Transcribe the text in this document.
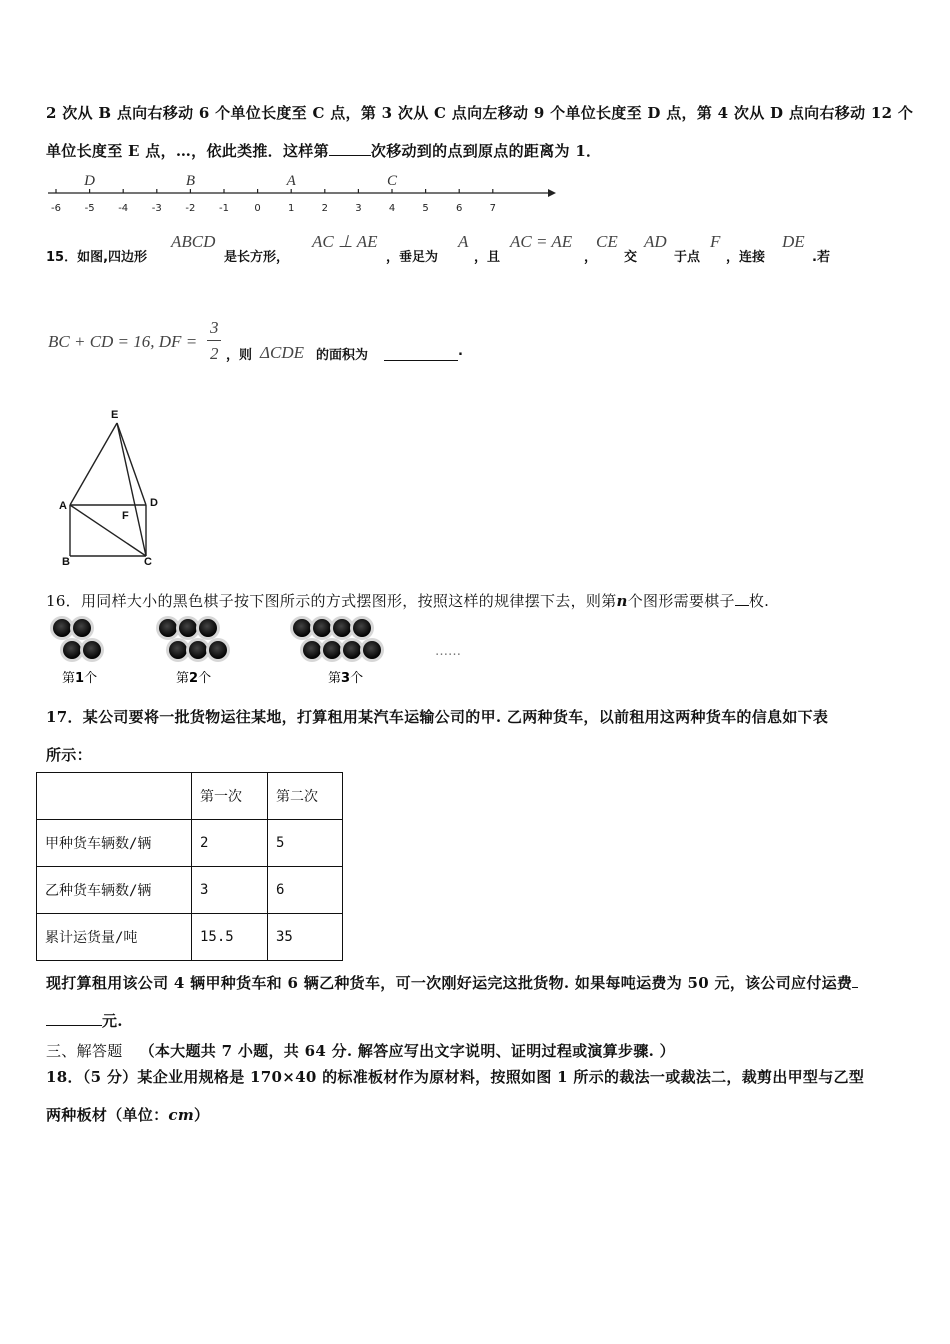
2 次从 B 点向右移动 6 个单位长度至 C 点，第 3 次从 C 点向左移动 9 个单位长度至 D 点，第 4 次从 D 点向右移动 12 个
单位长度至 E 点，…，依此类推．这样第	次移动到的点到原点的距离为 1．
-6 -5 -4 -3 -2 -1	0	1	2	3	4	5	6	7
D	B	A	C
15．如图,四边形
ABCD
是长方形，
AC ⊥ AE
，垂足为
A
，且
AC = AE
，
CE
交
AD
于点
F
，连接
DE
.若
BC + CD = 16, DF =
3
2 ，则 ΔCDE 的面积为	.
E
A	D
F
B	C
16．用同样大小的黑色棋子按下图所示的方式摆图形，按照这样的规律摆下去，则第n个图形需要棋子 枚.
第1个	第2个	第3个
……
17．某公司要将一批货物运往某地，打算租用某汽车运输公司的甲. 乙两种货车，以前租用这两种货车的信息如下表
所示：
	第一次	第二次
甲种货车辆数/辆	2	5
乙种货车辆数/辆	3	6
累计运货量/吨	15.5	35
现打算租用该公司 4 辆甲种货车和 6 辆乙种货车，可一次刚好运完这批货物. 如果每吨运费为 50 元，该公司应付运费
元.
三、解答题 （本大题共 7 小题，共 64 分. 解答应写出文字说明、证明过程或演算步骤. ）
18．（5 分）某企业用规格是 170×40 的标准板材作为原材料，按照如图 1 所示的裁法一或裁法二，裁剪出甲型与乙型
两种板材（单位：cm）
